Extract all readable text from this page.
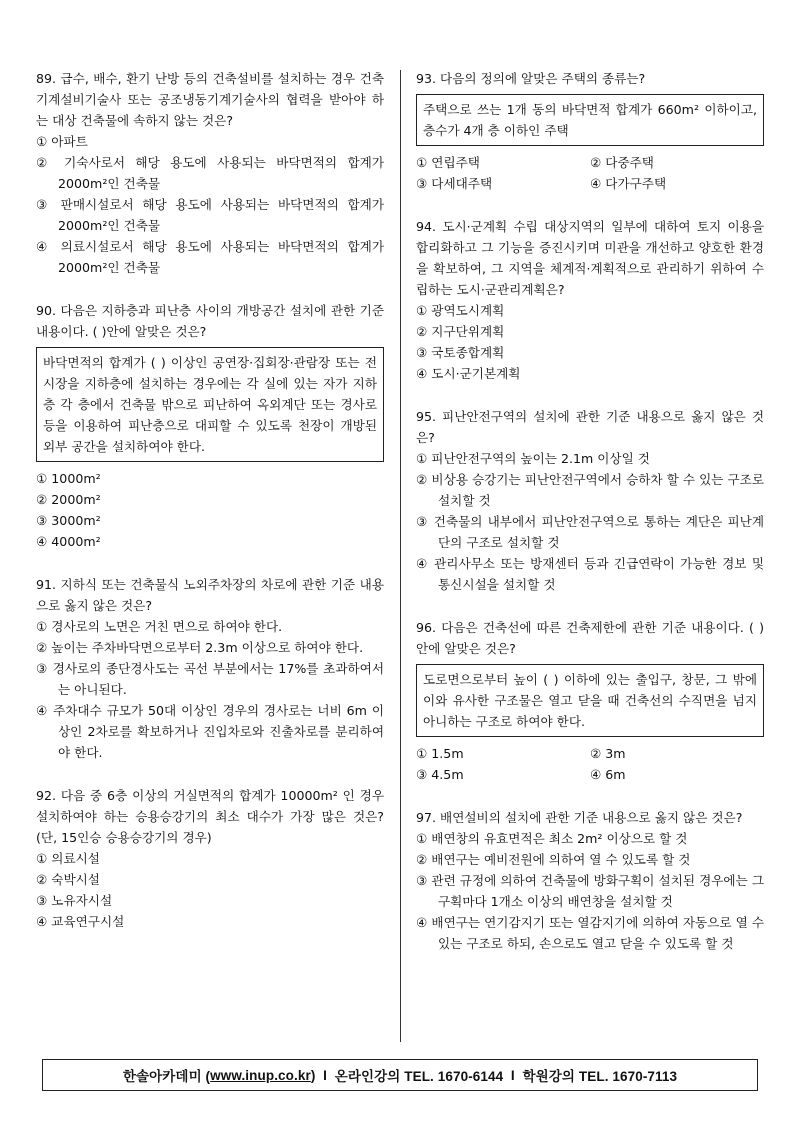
89. 급수, 배수, 환기 난방 등의 건축설비를 설치하는 경우 건축기계설비기술사 또는 공조냉동기계기술사의 협력을 받아야 하는 대상 건축물에 속하지 않는 것은?
① 아파트
② 기숙사로서 해당 용도에 사용되는 바닥면적의 합계가 2000m²인 건축물
③ 판매시설로서 해당 용도에 사용되는 바닥면적의 합계가 2000m²인 건축물
④ 의료시설로서 해당 용도에 사용되는 바닥면적의 합계가 2000m²인 건축물
90. 다음은 지하층과 피난층 사이의 개방공간 설치에 관한 기준 내용이다. ( )안에 알맞은 것은?
바닥면적의 합계가 ( ) 이상인 공연장·집회장·관람장 또는 전시장을 지하층에 설치하는 경우에는 각 실에 있는 자가 지하층 각 층에서 건축물 밖으로 피난하여 옥외계단 또는 경사로 등을 이용하여 피난층으로 대피할 수 있도록 천장이 개방된 외부 공간을 설치하여야 한다.
① 1000m²
② 2000m²
③ 3000m²
④ 4000m²
91. 지하식 또는 건축물식 노외주차장의 차로에 관한 기준 내용으로 옳지 않은 것은?
① 경사로의 노면은 거친 면으로 하여야 한다.
② 높이는 주차바닥면으로부터 2.3m 이상으로 하여야 한다.
③ 경사로의 종단경사도는 곡선 부분에서는 17%를 초과하여서는 아니된다.
④ 주차대수 규모가 50대 이상인 경우의 경사로는 너비 6m 이상인 2차로를 확보하거나 진입차로와 진출차로를 분리하여야 한다.
92. 다음 중 6층 이상의 거실면적의 합계가 10000m² 인 경우 설치하여야 하는 승용승강기의 최소 대수가 가장 많은 것은? (단, 15인승 승용승강기의 경우)
① 의료시설
② 숙박시설
③ 노유자시설
④ 교육연구시설
93. 다음의 정의에 알맞은 주택의 종류는?
주택으로 쓰는 1개 동의 바닥면적 합계가 660m² 이하이고, 층수가 4개 층 이하인 주택
① 연립주택	② 다중주택
③ 다세대주택	④ 다가구주택
94. 도시·군계획 수립 대상지역의 일부에 대하여 토지 이용을 합리화하고 그 기능을 증진시키며 미관을 개선하고 양호한 환경을 확보하여, 그 지역을 체계적·계획적으로 관리하기 위하여 수립하는 도시·군관리계획은?
① 광역도시계획
② 지구단위계획
③ 국토종합계획
④ 도시·군기본계획
95. 피난안전구역의 설치에 관한 기준 내용으로 옳지 않은 것은?
① 피난안전구역의 높이는 2.1m 이상일 것
② 비상용 승강기는 피난안전구역에서 승하차 할 수 있는 구조로 설치할 것
③ 건축물의 내부에서 피난안전구역으로 통하는 계단은 피난계단의 구조로 설치할 것
④ 관리사무소 또는 방재센터 등과 긴급연락이 가능한 경보 및 통신시설을 설치할 것
96. 다음은 건축선에 따른 건축제한에 관한 기준 내용이다. ( )안에 알맞은 것은?
도로면으로부터 높이 ( ) 이하에 있는 출입구, 창문, 그 밖에 이와 유사한 구조물은 열고 닫을 때 건축선의 수직면을 넘지 아니하는 구조로 하여야 한다.
① 1.5m	② 3m
③ 4.5m	④ 6m
97. 배연설비의 설치에 관한 기준 내용으로 옳지 않은 것은?
① 배연창의 유효면적은 최소 2m² 이상으로 할 것
② 배연구는 예비전원에 의하여 열 수 있도록 할 것
③ 관련 규정에 의하여 건축물에 방화구획이 설치된 경우에는 그 구획마다 1개소 이상의 배연창을 설치할 것
④ 배연구는 연기감지기 또는 열감지기에 의하여 자동으로 열 수 있는 구조로 하되, 손으로도 열고 닫을 수 있도록 할 것
한솔아카데미 ( www.inup.co.kr ) I 온라인강의 TEL. 1670-6144 I 학원강의 TEL. 1670-7113
